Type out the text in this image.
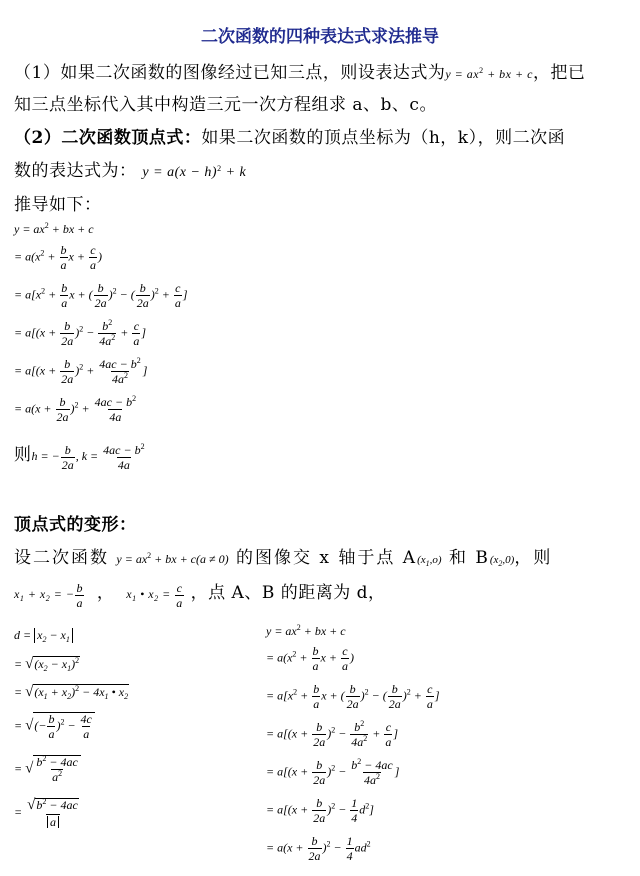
二次函数的四种表达式求法推导
（1）如果二次函数的图像经过已知三点，则设表达式为$y = ax^2$ + bx + c，把已
知三点坐标代入其中构造三元一次方程组求 a、b、c。
（2）二次函数顶点式：如果二次函数的顶点坐标为（h，k），则二次函
数的表达式为： $y = a(x - h)^2 + k$
推导如下：
$y = ax^2$ + bx + c
= $a(x^2 + \frac{b}{a}$ $x + \frac{c}{a}$ )
= $a[x^2 + \frac{b}{a}$ x + ( $\frac{b}{2a} )^2$ − ( $\frac{b}{2a} )^2 + \frac{c}{a}$ ]
= $a[(x + \frac{b}{2a} )^2 - \frac{b^2}{4a^2} + \frac{c}{a}$ ]
= $a[(x + \frac{b}{2a} )^2 + \frac{4ac - b^2}{4a^2}$ ]
= $a(x + \frac{b}{2a} )^2 + \frac{4ac - b^2}{4a}$
则h = − $\frac{b}{2a}$ , $k = \frac{4ac - b^2}{4a}$
顶点式的变形：
设二次函数 $y = ax^2$ + bx + c(a ≠ 0) 的图像交 x 轴于点 $A(x_1,o)$ 和 $B(x_2,0)$，则
$x_1 + x_2$ = − $\frac{b}{a}$ ， $x_1$ • $x_2 = \frac{c}{a}$ ，点 A、B 的距离为 d，
$d = x_2 - x_1$
= $√(x_2 - x_1)^2$
= $√(x_1 + x_2)^2 - 4x_1$ • $x_2$
= √(− $\frac{b}{a} )^2 - \frac{4c}{a}$
= √ $\frac{b^2 - 4ac}{a^2}$
= $\frac{√b^2 - 4ac}{a}$
$y = ax^2$ + bx + c
= $a(x^2 + \frac{b}{a}$ $x + \frac{c}{a}$ )
= $a[x^2 + \frac{b}{a}$ x + ( $\frac{b}{2a} )^2$ − ( $\frac{b}{2a} )^2 + \frac{c}{a}$ ]
= $a[(x + \frac{b}{2a} )^2 - \frac{b^2}{4a^2} + \frac{c}{a}$ ]
= $a[(x + \frac{b}{2a} )^2 - \frac{b^2 - 4ac}{4a^2}$ ]
= $a[(x + \frac{b}{2a} )^2 - \frac{1}{4} d^2]$
= $a(x + \frac{b}{2a} )^2 - \frac{1}{4} ad^2$
